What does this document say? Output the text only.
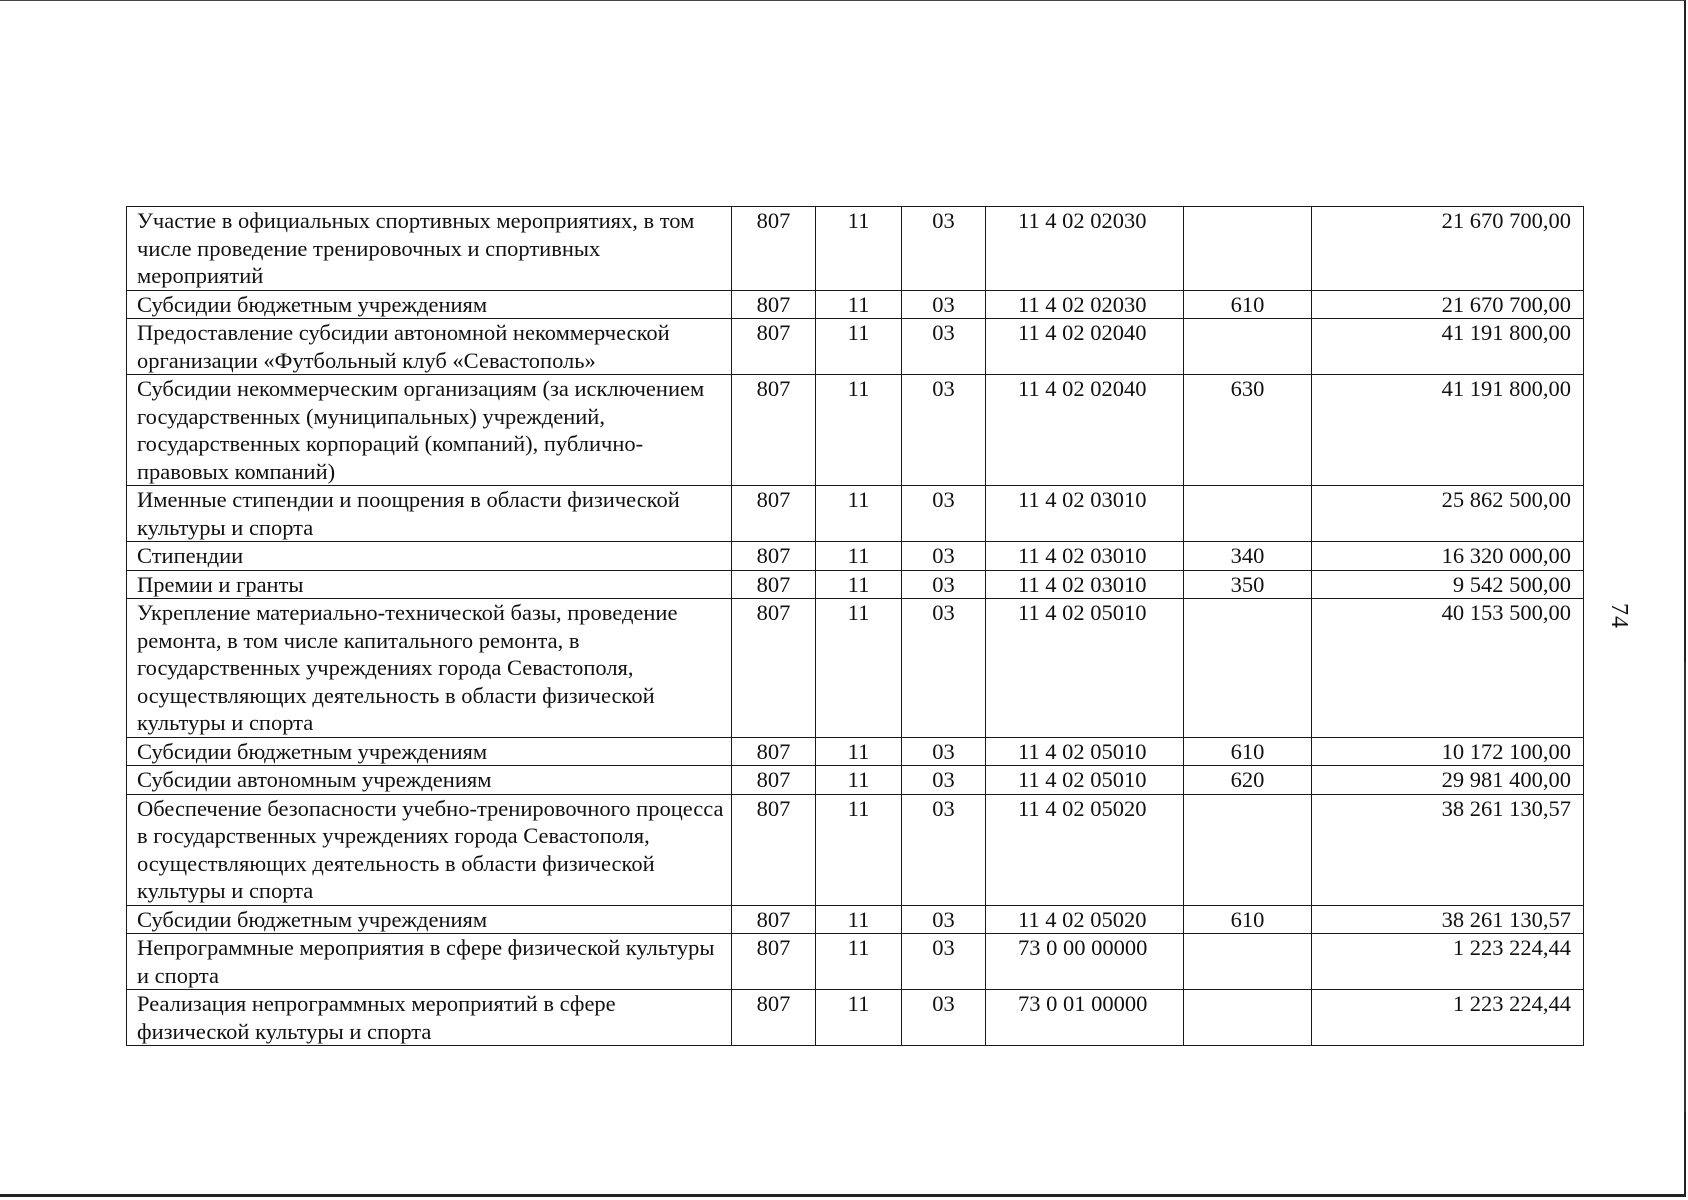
74
Участие в официальных спортивных мероприятиях, в том числе проведение тренировочных и спортивных мероприятий	807	11	03	11 4 02 02030		21 670 700,00
Субсидии бюджетным учреждениям	807	11	03	11 4 02 02030	610	21 670 700,00
Предоставление субсидии автономной некоммерческой организации «Футбольный клуб «Севастополь»	807	11	03	11 4 02 02040		41 191 800,00
Субсидии некоммерческим организациям (за исключением государственных (муниципальных) учреждений, государственных корпораций (компаний), публично-правовых компаний)	807	11	03	11 4 02 02040	630	41 191 800,00
Именные стипендии и поощрения в области физической культуры и спорта	807	11	03	11 4 02 03010		25 862 500,00
Стипендии	807	11	03	11 4 02 03010	340	16 320 000,00
Премии и гранты	807	11	03	11 4 02 03010	350	9 542 500,00
Укрепление материально-технической базы, проведение ремонта, в том числе капитального ремонта, в государственных учреждениях города Севастополя, осуществляющих деятельность в области физической культуры и спорта	807	11	03	11 4 02 05010		40 153 500,00
Субсидии бюджетным учреждениям	807	11	03	11 4 02 05010	610	10 172 100,00
Субсидии автономным учреждениям	807	11	03	11 4 02 05010	620	29 981 400,00
Обеспечение безопасности учебно-тренировочного процесса в государственных учреждениях города Севастополя, осуществляющих деятельность в области физической культуры и спорта	807	11	03	11 4 02 05020		38 261 130,57
Субсидии бюджетным учреждениям	807	11	03	11 4 02 05020	610	38 261 130,57
Непрограммные мероприятия в сфере физической культуры и спорта	807	11	03	73 0 00 00000		1 223 224,44
Реализация непрограммных мероприятий в сфере физической культуры и спорта	807	11	03	73 0 01 00000		1 223 224,44
